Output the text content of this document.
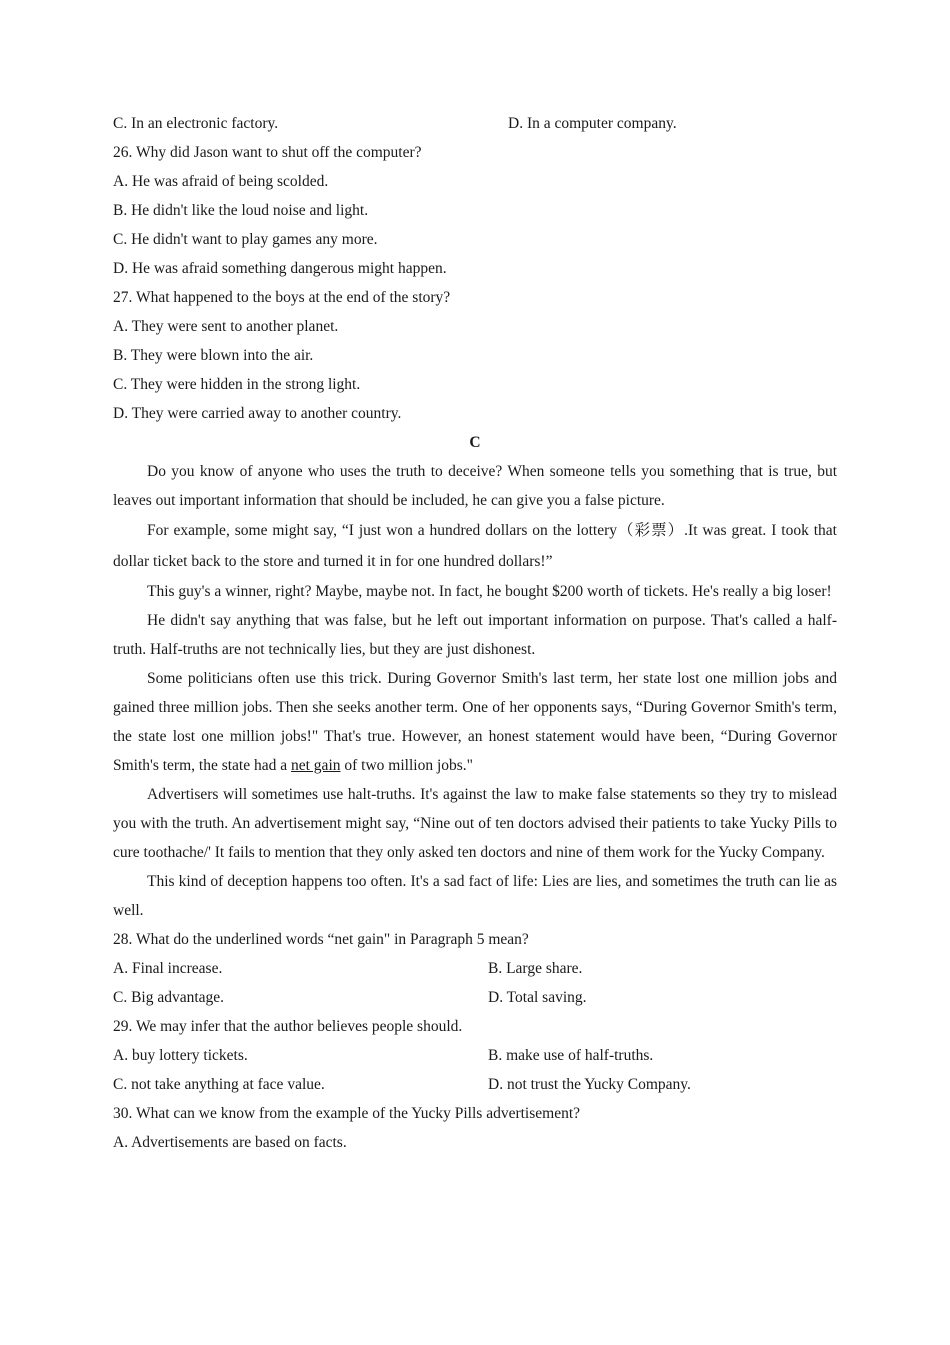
C. In an electronic factory.	D. In a computer company.
26. Why did Jason want to shut off the computer?
A. He was afraid of being scolded.
B. He didn't like the loud noise and light.
C. He didn't want to play games any more.
D. He was afraid something dangerous might happen.
27. What happened to the boys at the end of the story?
A. They were sent to another planet.
B. They were blown into the air.
C. They were hidden in the strong light.
D. They were carried away to another country.
C

Do you know of anyone who uses the truth to deceive? When someone tells you something that is true, but leaves out important information that should be included, he can give you a false picture.

For example, some might say, “I just won a hundred dollars on the lottery（彩票）.It was great. I took that dollar ticket back to the store and turned it in for one hundred dollars!”

This guy's a winner, right? Maybe, maybe not. In fact, he bought $200 worth of tickets. He's really a big loser!

He didn't say anything that was false, but he left out important information on purpose. That's called a half-truth. Half-truths are not technically lies, but they are just dishonest.

Some politicians often use this trick. During Governor Smith's last term, her state lost one million jobs and gained three million jobs. Then she seeks another term. One of her opponents says, “During Governor Smith's term, the state lost one million jobs!" That's true. However, an honest statement would have been, “During Governor Smith's term, the state had a net gain of two million jobs."

Advertisers will sometimes use halt-truths. It's against the law to make false statements so they try to mislead you with the truth. An advertisement might say, “Nine out of ten doctors advised their patients to take Yucky Pills to cure toothache/' It fails to mention that they only asked ten doctors and nine of them work for the Yucky Company.

This kind of deception happens too often. It's a sad fact of life: Lies are lies, and sometimes the truth can lie as well.

28. What do the underlined words “net gain" in Paragraph 5 mean?
A. Final increase.	B. Large share.
C. Big advantage.	D. Total saving.
29. We may infer that the author believes people should.
A. buy lottery tickets.	B. make use of half-truths.
C. not take anything at face value.	D. not trust the Yucky Company.
30. What can we know from the example of the Yucky Pills advertisement?
A. Advertisements are based on facts.
